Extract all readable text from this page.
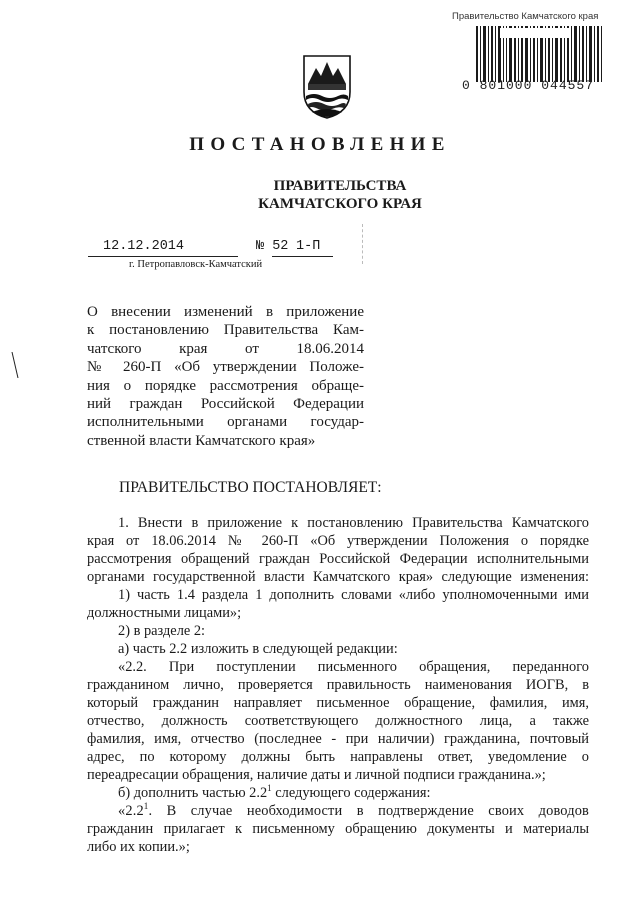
Правительство Камчатского края
0 801000 044557
ПОСТАНОВЛЕНИЕ
ПРАВИТЕЛЬСТВА
КАМЧАТСКОГО КРАЯ
12.12.2014	№ 52 1-П
г. Петропавловск-Камчатский

О внесении изменений в приложение

к постановлению Правительства Кам-

чатского края от 18.06.2014

№ 260-П «Об утверждении Положе-

ния о порядке рассмотрения обраще-

ний граждан Российской Федерации

исполнительными органами государ-

ственной власти Камчатского края»

ПРАВИТЕЛЬСТВО ПОСТАНОВЛЯЕТ:

1. Внести в приложение к постановлению Правительства Камчатского

края от 18.06.2014 № 260-П «Об утверждении Положения о порядке

рассмотрения обращений граждан Российской Федерации исполнительными

органами государственной власти Камчатского края» следующие изменения:

1) часть 1.4 раздела 1 дополнить словами «либо уполномоченными ими

должностными лицами»;

2) в разделе 2:

а) часть 2.2 изложить в следующей редакции:

«2.2. При поступлении письменного обращения, переданного

гражданином лично, проверяется правильность наименования ИОГВ, в

который гражданин направляет письменное обращение, фамилия, имя,

отчество, должность соответствующего должностного лица, а также

фамилия, имя, отчество (последнее - при наличии) гражданина, почтовый

адрес, по которому должны быть направлены ответ, уведомление о

переадресации обращения, наличие даты и личной подписи гражданина.»;

б) дополнить частью $2.2^1$ следующего содержания:

«$2.2^1$. В случае необходимости в подтверждение своих доводов

гражданин прилагает к письменному обращению документы и материалы

либо их копии.»;
